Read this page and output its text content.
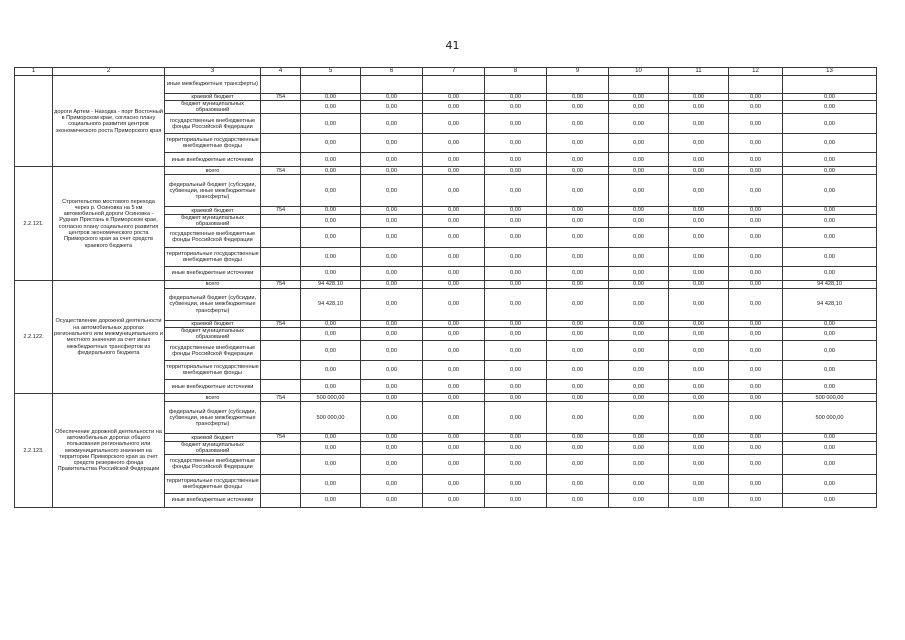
41
1	2	3	4	5	6	7	8	9	10	11	12	13
	дороги Артем - Находка - порт Восточный в Приморском крае, согласно плану социального развития центров экономического роста Приморского края	иные межбюджетные трансферты)										
		краевой бюджет	754	0,00	0,00	0,00	0,00	0,00	0,00	0,00	0,00	0,00
		бюджет муниципальных образований		0,00	0,00	0,00	0,00	0,00	0,00	0,00	0,00	0,00
		государственные внебюджетные фонды Российской Федерации		0,00	0,00	0,00	0,00	0,00	0,00	0,00	0,00	0,00
		территориальные государственные внебюджетные фонды		0,00	0,00	0,00	0,00	0,00	0,00	0,00	0,00	0,00
		иные внебюджетные источники		0,00	0,00	0,00	0,00	0,00	0,00	0,00	0,00	0,00
2.2.121.	Строительство мостового перехода через р. Осиновка на 5 км автомобильной дороги Осиновка - Рудная Пристань в Приморском крае, согласно плану социального развития центров экономического роста Приморского края за счет средств краевого бюджета	всего	754	0,00	0,00	0,00	0,00	0,00	0,00	0,00	0,00	0,00
		федеральный бюджет (субсидии, субвенции, иные межбюджетные трансферты)		0,00	0,00	0,00	0,00	0,00	0,00	0,00	0,00	0,00
		краевой бюджет	754	0,00	0,00	0,00	0,00	0,00	0,00	0,00	0,00	0,00
		бюджет муниципальных образований		0,00	0,00	0,00	0,00	0,00	0,00	0,00	0,00	0,00
		государственные внебюджетные фонды Российской Федерации		0,00	0,00	0,00	0,00	0,00	0,00	0,00	0,00	0,00
		территориальные государственные внебюджетные фонды		0,00	0,00	0,00	0,00	0,00	0,00	0,00	0,00	0,00
		иные внебюджетные источники		0,00	0,00	0,00	0,00	0,00	0,00	0,00	0,00	0,00
2.2.122.	Осуществление дорожной деятельности на автомобильных дорогах регионального или межмуниципального и местного значения за счет иных межбюджетных трансфертов из федерального бюджета	всего	754	94 428,10	0,00	0,00	0,00	0,00	0,00	0,00	0,00	94 428,10
		федеральный бюджет (субсидии, субвенции, иные межбюджетные трансферты)		94 428,10	0,00	0,00	0,00	0,00	0,00	0,00	0,00	94 428,10
		краевой бюджет	754	0,00	0,00	0,00	0,00	0,00	0,00	0,00	0,00	0,00
		бюджет муниципальных образований		0,00	0,00	0,00	0,00	0,00	0,00	0,00	0,00	0,00
		государственные внебюджетные фонды Российской Федерации		0,00	0,00	0,00	0,00	0,00	0,00	0,00	0,00	0,00
		территориальные государственные внебюджетные фонды		0,00	0,00	0,00	0,00	0,00	0,00	0,00	0,00	0,00
		иные внебюджетные источники		0,00	0,00	0,00	0,00	0,00	0,00	0,00	0,00	0,00
2.2.123.	Обеспечение дорожной деятельности на автомобильных дорогах общего пользования регионального или межмуниципального значения на территории Приморского края за счет средств резервного фонда Правительства Российской Федерации	всего	754	500 000,00	0,00	0,00	0,00	0,00	0,00	0,00	0,00	500 000,00
		федеральный бюджет (субсидии, субвенции, иные межбюджетные трансферты)		500 000,00	0,00	0,00	0,00	0,00	0,00	0,00	0,00	500 000,00
		краевой бюджет	754	0,00	0,00	0,00	0,00	0,00	0,00	0,00	0,00	0,00
		бюджет муниципальных образований		0,00	0,00	0,00	0,00	0,00	0,00	0,00	0,00	0,00
		государственные внебюджетные фонды Российской Федерации		0,00	0,00	0,00	0,00	0,00	0,00	0,00	0,00	0,00
		территориальные государственные внебюджетные фонды		0,00	0,00	0,00	0,00	0,00	0,00	0,00	0,00	0,00
		иные внебюджетные источники		0,00	0,00	0,00	0,00	0,00	0,00	0,00	0,00	0,00
